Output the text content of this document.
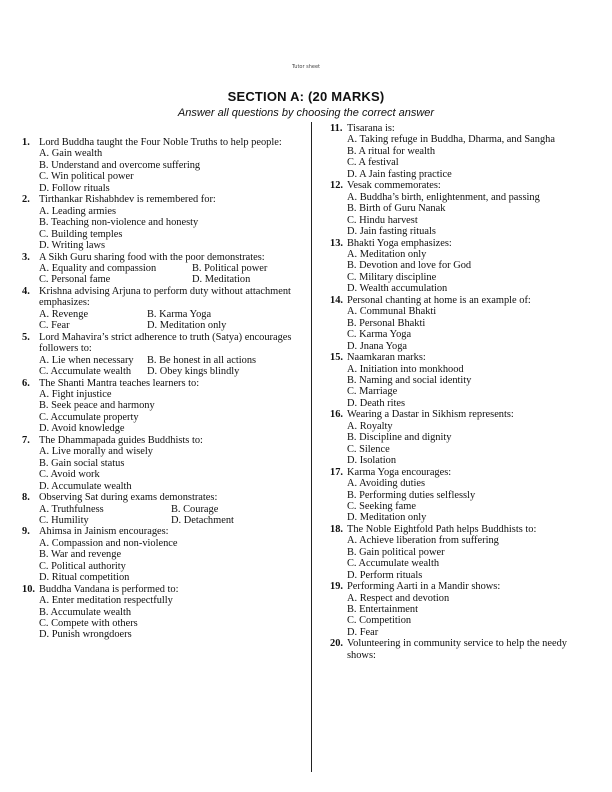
Tutor sheet
SECTION A: (20 MARKS)
Answer all questions by choosing the correct answer
1. Lord Buddha taught the Four Noble Truths to help people:
A. Gain wealth
B. Understand and overcome suffering
C. Win political power
D. Follow rituals
2. Tirthankar Rishabhdev is remembered for:
A. Leading armies
B. Teaching non-violence and honesty
C. Building temples
D. Writing laws
3. A Sikh Guru sharing food with the poor demonstrates:
A. Equality and compassion	B. Political power
C. Personal fame	D. Meditation
4. Krishna advising Arjuna to perform duty without attachment emphasizes:
A. Revenge	B. Karma Yoga
C. Fear	D. Meditation only
5. Lord Mahavira’s strict adherence to truth (Satya) encourages followers to:
A. Lie when necessary	B. Be honest in all actions
C. Accumulate wealth	D. Obey kings blindly
6. The Shanti Mantra teaches learners to:
A. Fight injustice
B. Seek peace and harmony
C. Accumulate property
D. Avoid knowledge
7. The Dhammapada guides Buddhists to:
A. Live morally and wisely
B. Gain social status
C. Avoid work
D. Accumulate wealth
8. Observing Sat during exams demonstrates:
A. Truthfulness	B. Courage
C. Humility	D. Detachment
9. Ahimsa in Jainism encourages:
A. Compassion and non-violence
B. War and revenge
C. Political authority
D. Ritual competition
10. Buddha Vandana is performed to:
A. Enter meditation respectfully
B. Accumulate wealth
C. Compete with others
D. Punish wrongdoers
11. Tisarana is:
A. Taking refuge in Buddha, Dharma, and Sangha
B. A ritual for wealth
C. A festival
D. A Jain fasting practice
12. Vesak commemorates:
A. Buddha’s birth, enlightenment, and passing
B. Birth of Guru Nanak
C. Hindu harvest
D. Jain fasting rituals
13. Bhakti Yoga emphasizes:
A. Meditation only
B. Devotion and love for God
C. Military discipline
D. Wealth accumulation
14. Personal chanting at home is an example of:
A. Communal Bhakti
B. Personal Bhakti
C. Karma Yoga
D. Jnana Yoga
15. Naamkaran marks:
A. Initiation into monkhood
B. Naming and social identity
C. Marriage
D. Death rites
16. Wearing a Dastar in Sikhism represents:
A. Royalty
B. Discipline and dignity
C. Silence
D. Isolation
17. Karma Yoga encourages:
A. Avoiding duties
B. Performing duties selflessly
C. Seeking fame
D. Meditation only
18. The Noble Eightfold Path helps Buddhists to:
A. Achieve liberation from suffering
B. Gain political power
C. Accumulate wealth
D. Perform rituals
19. Performing Aarti in a Mandir shows:
A. Respect and devotion
B. Entertainment
C. Competition
D. Fear
20. Volunteering in community service to help the needy shows:
